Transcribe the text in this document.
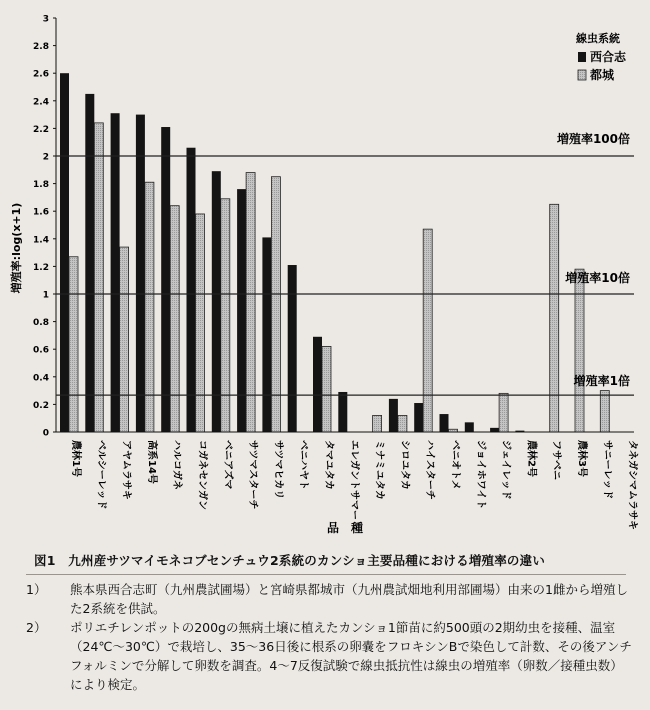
0
0.2
0.4
0.6
0.8
1
1.2
1.4
1.6
1.8
2
2.2
2.4
2.6
2.8
3
農林1号 ベルシーレッド アヤムラサキ 高系14号 ハルコガネ コガネセンガン ベニアズマ サツマスターチ サツマヒカリ ベニハヤト タマユタカ エレガントサマー ミナミユタカ シロユタカ ハイスターチ ベニオトメ ジョイホワイト ジェイレッド 農林2号 フサベニ 農林3号 サニーレッド タネガシマムラサキ
増殖率100倍
増殖率10倍
増殖率1倍
線虫系統
西合志
都城
増殖率:log(x+1)
品　種
図1　九州産サツマイモネコブセンチュウ2系統のカンショ主要品種における増殖率の違い
1）	熊本県西合志町（九州農試圃場）と宮崎県都城市（九州農試畑地利用部圃場）由来の1雌から増殖した2系統を供試。
2）	ポリエチレンポットの200gの無病土壌に植えたカンショ1節苗に約500頭の2期幼虫を接種、温室（24℃～30℃）で栽培し、35～36日後に根系の卵嚢をフロキシンBで染色して計数、その後アンチフォルミンで分解して卵数を調査。4～7反復試験で線虫抵抗性は線虫の増殖率（卵数／接種虫数）により検定。
